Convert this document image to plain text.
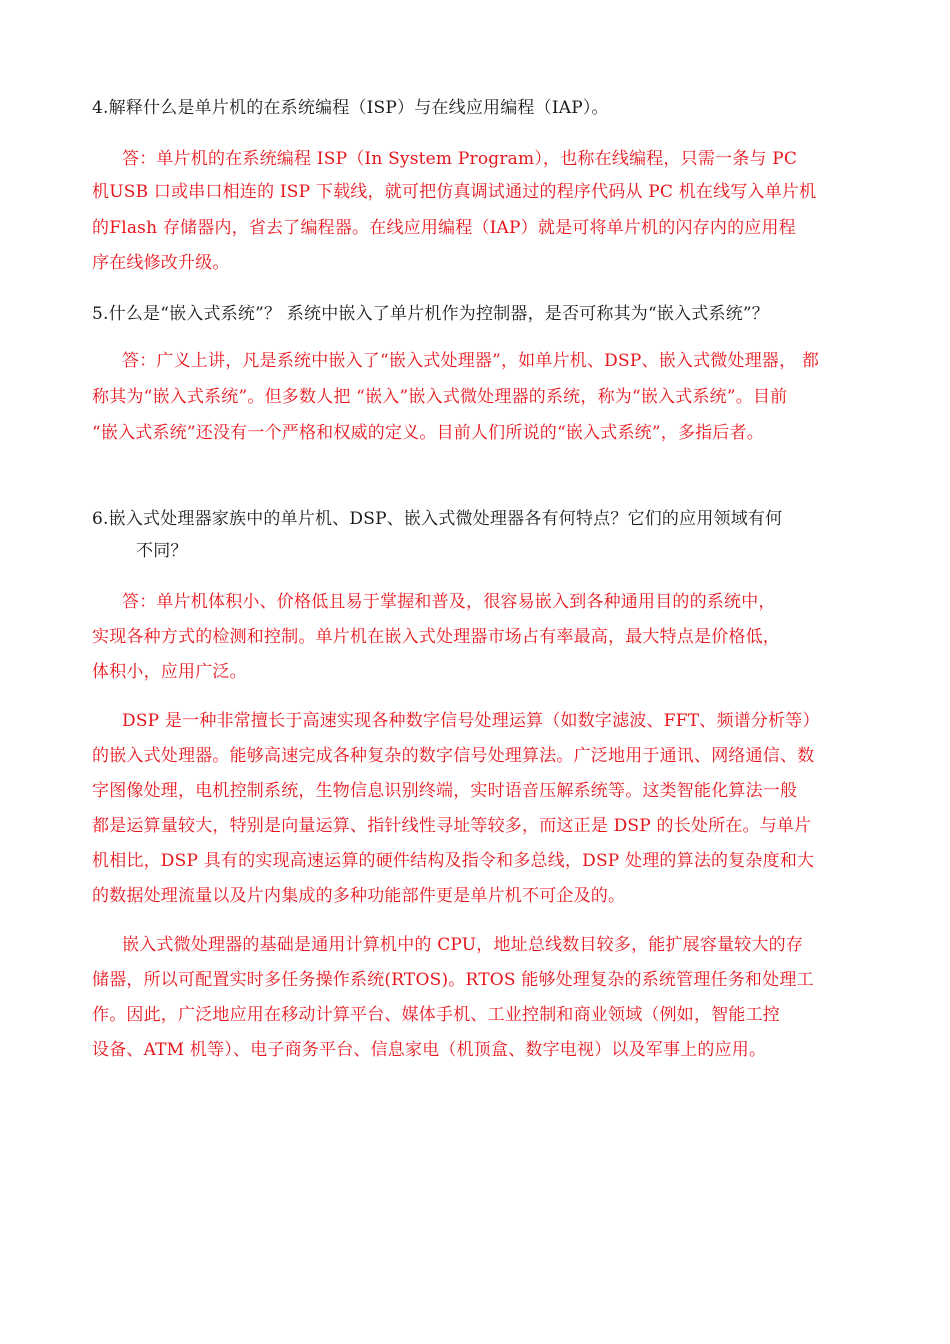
4.解释什么是单片机的在系统编程（ISP）与在线应用编程（IAP）。
答：单片机的在系统编程 ISP（In System Program），也称在线编程，只需一条与 PC
机USB 口或串口相连的 ISP 下载线，就可把仿真调试通过的程序代码从 PC 机在线写入单片机
的Flash 存储器内，省去了编程器。在线应用编程（IAP）就是可将单片机的闪存内的应用程
序在线修改升级。
5.什么是“嵌入式系统”？ 系统中嵌入了单片机作为控制器，是否可称其为“嵌入式系统”？
答：广义上讲，凡是系统中嵌入了“嵌入式处理器”，如单片机、DSP、嵌入式微处理器， 都
称其为“嵌入式系统”。但多数人把 “嵌入”嵌入式微处理器的系统，称为“嵌入式系统”。目前
“嵌入式系统”还没有一个严格和权威的定义。目前人们所说的“嵌入式系统”，多指后者。
6.嵌入式处理器家族中的单片机、DSP、嵌入式微处理器各有何特点？它们的应用领域有何
不同？
答：单片机体积小、价格低且易于掌握和普及，很容易嵌入到各种通用目的的系统中，
实现各种方式的检测和控制。单片机在嵌入式处理器市场占有率最高，最大特点是价格低，
体积小，应用广泛。
DSP 是一种非常擅长于高速实现各种数字信号处理运算（如数字滤波、FFT、频谱分析等）
的嵌入式处理器。能够高速完成各种复杂的数字信号处理算法。广泛地用于通讯、网络通信、数
字图像处理，电机控制系统，生物信息识别终端，实时语音压解系统等。这类智能化算法一般
都是运算量较大，特别是向量运算、指针线性寻址等较多，而这正是 DSP 的长处所在。与单片
机相比，DSP 具有的实现高速运算的硬件结构及指令和多总线，DSP 处理的算法的复杂度和大
的数据处理流量以及片内集成的多种功能部件更是单片机不可企及的。
嵌入式微处理器的基础是通用计算机中的 CPU，地址总线数目较多，能扩展容量较大的存
储器，所以可配置实时多任务操作系统(RTOS)。RTOS 能够处理复杂的系统管理任务和处理工
作。因此，广泛地应用在移动计算平台、媒体手机、工业控制和商业领域（例如，智能工控
设备、ATM 机等）、电子商务平台、信息家电（机顶盒、数字电视）以及军事上的应用。
